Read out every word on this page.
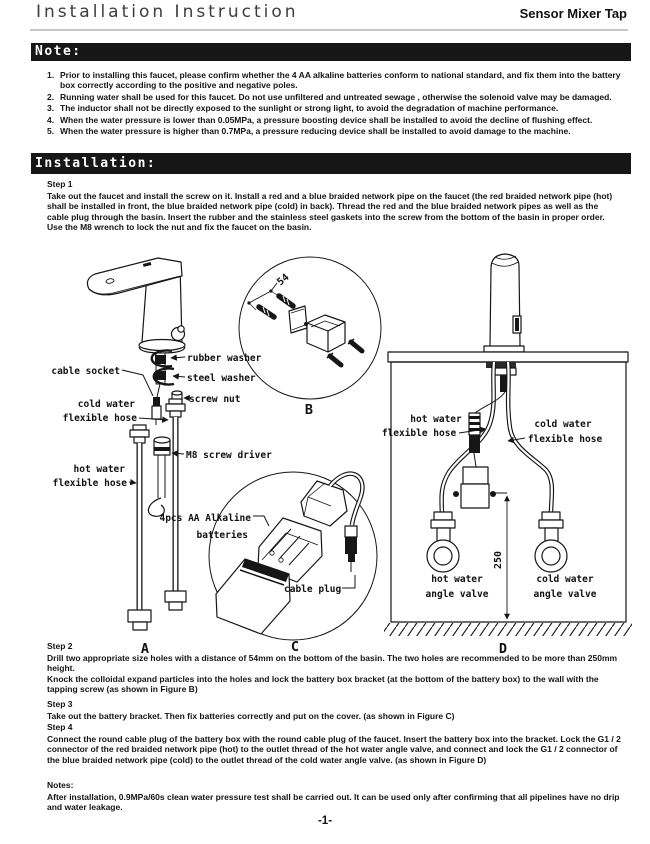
Installation Instruction	Sensor Mixer Tap
Note:
1. Prior to installing this faucet, please confirm whether the 4 AA alkaline batteries conform to national standard, and fix them into the battery box correctly according to the positive and negative poles.
2. Running water shall be used for this faucet. Do not use unfiltered and untreated sewage , otherwise the solenoid valve may be damaged.
3. The inductor shall not be directly exposed to the sunlight or strong light, to avoid the degradation of machine performance.
4. When the water pressure is lower than 0.05MPa, a pressure boosting device shall be installed to avoid the decline of flushing effect.
5. When the water pressure is higher than 0.7MPa, a pressure reducing device shall be installed to avoid damage to the machine.
Installation:
Step 1
Take out the faucet and install the screw on it. Install a red and a blue braided network pipe on the faucet (the red braided network pipe (hot) shall be installed in front, the blue braided network pipe (cold) in back). Thread the red and the blue braided network pipes as well as the cable plug through the basin. Insert the rubber and the stainless steel gaskets into the screw from the bottom of the basin in proper order. Use the M8 wrench to lock the nut and fix the faucet on the basin.
cable socket
rubber washer
steel washer
screw nut
cold water
flexible hose
hot water
flexible hose
M8 screw driver
A
54
B
4pcs AA Alkaline
batteries
cable plug
C
250
hot water
flexible hose
cold water
flexible hose
hot water
angle valve
cold water
angle valve
D
Step 2
Drill two appropriate size holes with a distance of 54mm on the bottom of the basin. The two holes are recommended to be more than 250mm height.
Knock the colloidal expand particles into the holes and lock the battery box bracket (at the bottom of the battery box) to the wall with the tapping screw (as shown in Figure B)
Step 3
Take out the battery bracket. Then fix batteries correctly and put on the cover. (as shown in Figure C)
Step 4
Connect the round cable plug of the battery box with the round cable plug of the faucet. Insert the battery box into the bracket. Lock the G1 / 2 connector of the red braided network pipe (hot) to the outlet thread of the hot water angle valve, and connect and lock the G1 / 2 connector of the blue braided network pipe (cold) to the outlet thread of the cold water angle valve. (as shown in Figure D)
Notes:
After installation, 0.9MPa/60s clean water pressure test shall be carried out. It can be used only after confirming that all pipelines have no drip and water leakage.
-1-
